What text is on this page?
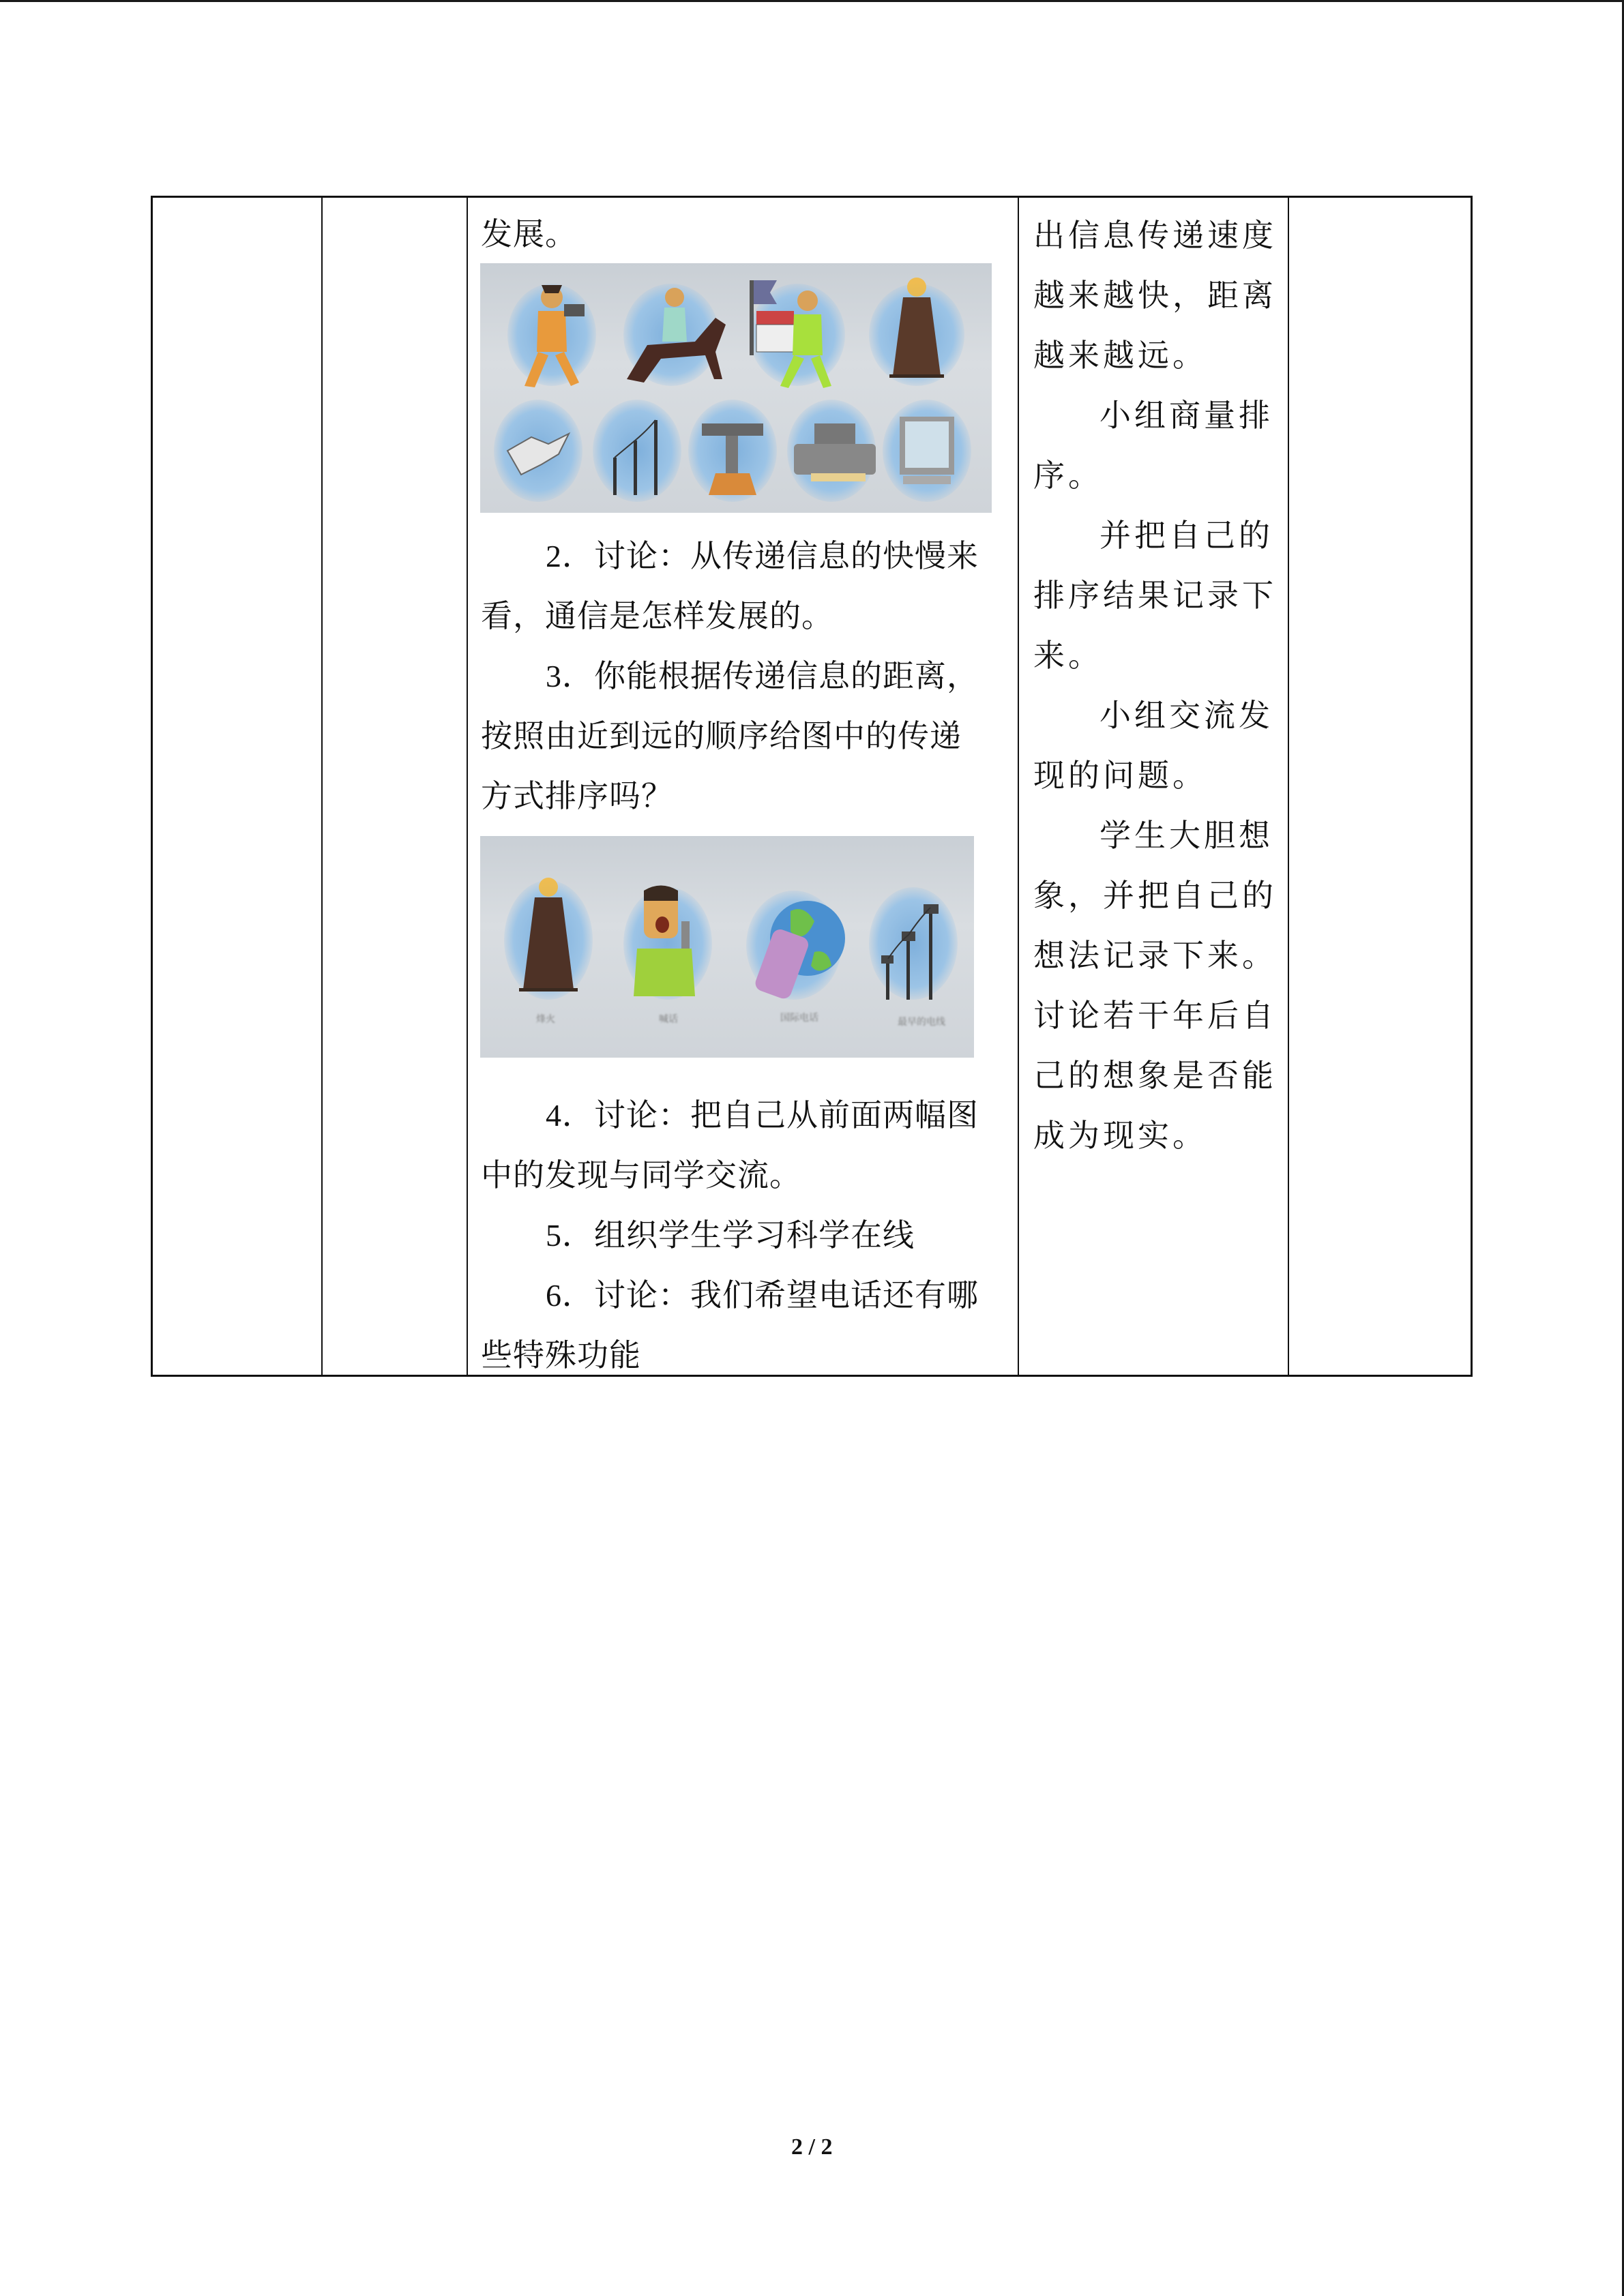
发展。
2．讨论：从传递信息的快慢来
看，通信是怎样发展的。
3．你能根据传递信息的距离，
按照由近到远的顺序给图中的传递
方式排序吗？
烽火	喊话	国际电话	最早的电线
4．讨论：把自己从前面两幅图
中的发现与同学交流。
5．组织学生学习科学在线
6．讨论：我们希望电话还有哪
些特殊功能
出信息传递速度
越来越快，距离
越来越远。
小组商量排
序。
并把自己的
排序结果记录下
来。
小组交流发
现的问题。
学生大胆想
象，并把自己的
想法记录下来。
讨论若干年后自
己的想象是否能
成为现实。
2 / 2
